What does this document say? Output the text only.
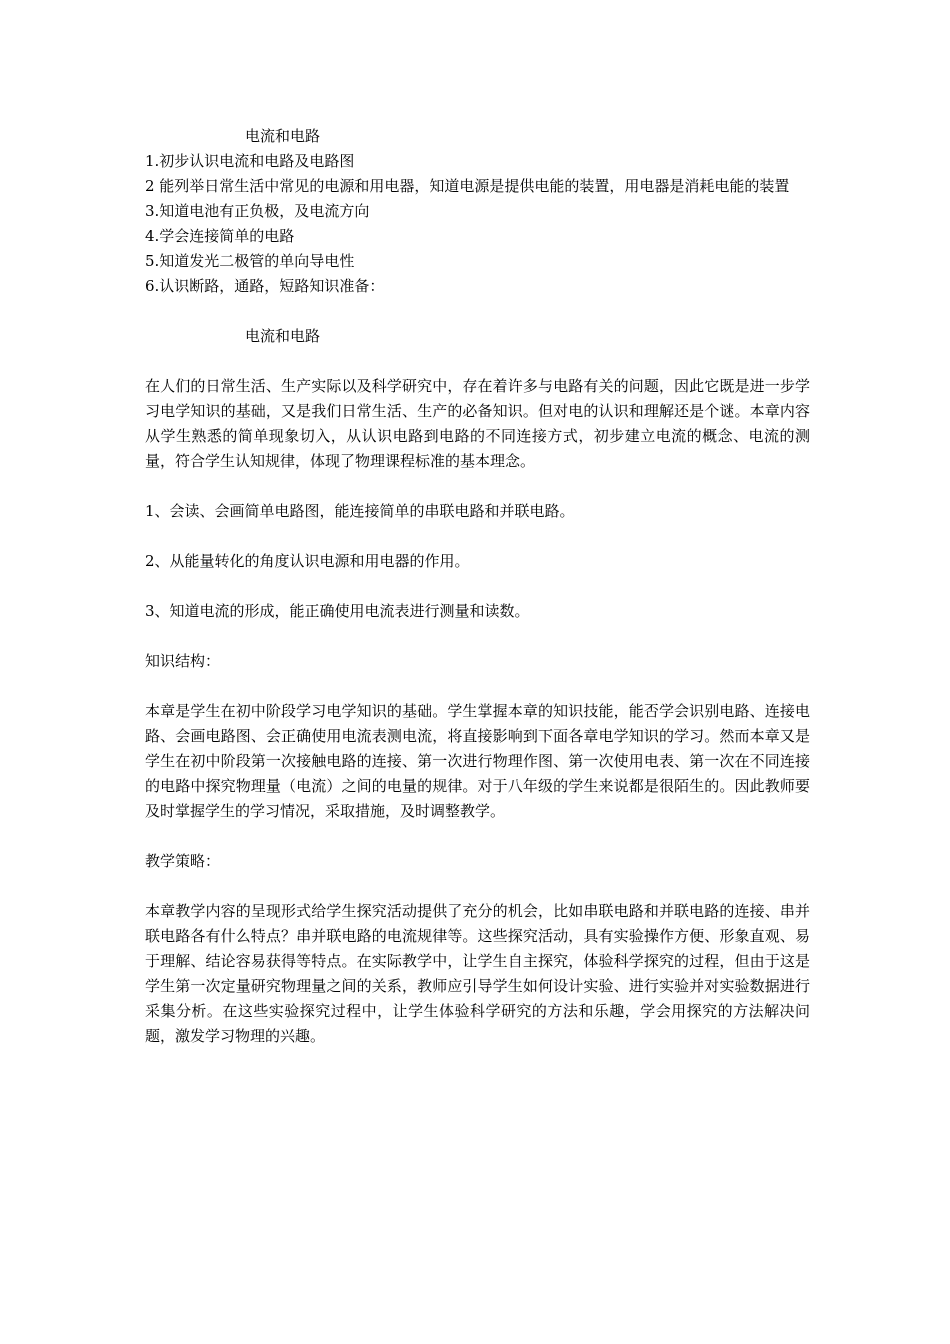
电流和电路
1.初步认识电流和电路及电路图
2 能列举日常生活中常见的电源和用电器，知道电源是提供电能的装置，用电器是消耗电能的装置
3.知道电池有正负极，及电流方向
4.学会连接简单的电路
5.知道发光二极管的单向导电性
6.认识断路，通路，短路知识准备：
电流和电路
在人们的日常生活、生产实际以及科学研究中，存在着许多与电路有关的问题，因此它既是进一步学习电学知识的基础，又是我们日常生活、生产的必备知识。但对电的认识和理解还是个谜。本章内容从学生熟悉的简单现象切入，从认识电路到电路的不同连接方式，初步建立电流的概念、电流的测量，符合学生认知规律，体现了物理课程标准的基本理念。
1、会读、会画简单电路图，能连接简单的串联电路和并联电路。
2、从能量转化的角度认识电源和用电器的作用。
3、知道电流的形成，能正确使用电流表进行测量和读数。
知识结构：
本章是学生在初中阶段学习电学知识的基础。学生掌握本章的知识技能，能否学会识别电路、连接电路、会画电路图、会正确使用电流表测电流，将直接影响到下面各章电学知识的学习。然而本章又是学生在初中阶段第一次接触电路的连接、第一次进行物理作图、第一次使用电表、第一次在不同连接的电路中探究物理量（电流）之间的电量的规律。对于八年级的学生来说都是很陌生的。因此教师要及时掌握学生的学习情况，采取措施，及时调整教学。
教学策略：
本章教学内容的呈现形式给学生探究活动提供了充分的机会，比如串联电路和并联电路的连接、串并联电路各有什么特点？串并联电路的电流规律等。这些探究活动，具有实验操作方便、形象直观、易于理解、结论容易获得等特点。在实际教学中，让学生自主探究，体验科学探究的过程，但由于这是学生第一次定量研究物理量之间的关系，教师应引导学生如何设计实验、进行实验并对实验数据进行采集分析。在这些实验探究过程中，让学生体验科学研究的方法和乐趣，学会用探究的方法解决问题，激发学习物理的兴趣。
